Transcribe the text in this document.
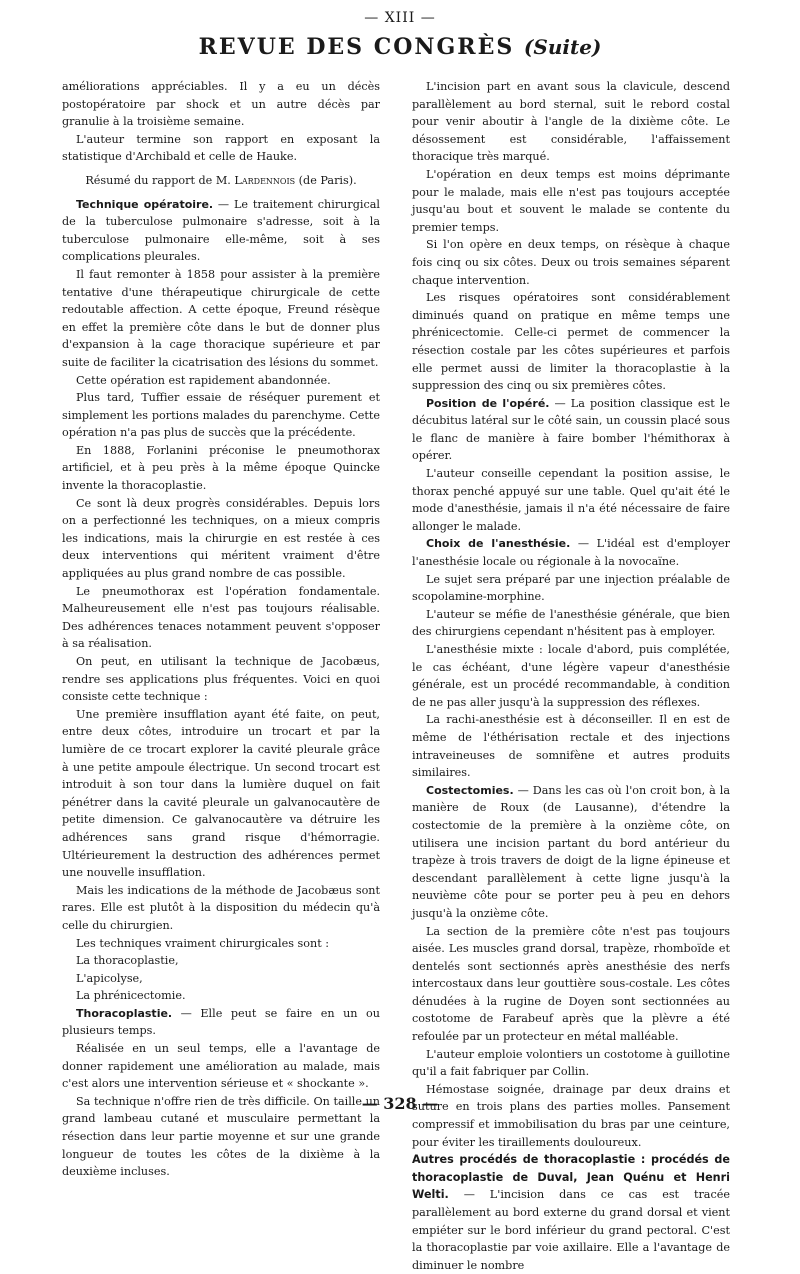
— XIII —
REVUE DES CONGRÈS (Suite)

améliorations appréciables. Il y a eu un décès postopératoire par shock et un autre décès par granulie à la troisième semaine.

L'auteur termine son rapport en exposant la statistique d'Archibald et celle de Hauke.

Résumé du rapport de M. Lardennois (de Paris).

Technique opératoire. — Le traitement chirurgical de la tuberculose pulmonaire s'adresse, soit à la tuberculose pulmonaire elle-même, soit à ses complications pleurales.

Il faut remonter à 1858 pour assister à la première tentative d'une thérapeutique chirurgicale de cette redoutable affection. A cette époque, Freund résèque en effet la première côte dans le but de donner plus d'expansion à la cage thoracique supérieure et par suite de faciliter la cicatrisation des lésions du sommet.

Cette opération est rapidement abandonnée.

Plus tard, Tuffier essaie de réséquer purement et simplement les portions malades du parenchyme. Cette opération n'a pas plus de succès que la précédente.

En 1888, Forlanini préconise le pneumothorax artificiel, et à peu près à la même époque Quincke invente la thoracoplastie.

Ce sont là deux progrès considérables. Depuis lors on a perfectionné les techniques, on a mieux compris les indications, mais la chirurgie en est restée à ces deux interventions qui méritent vraiment d'être appliquées au plus grand nombre de cas possible.

Le pneumothorax est l'opération fondamentale. Malheureusement elle n'est pas toujours réalisable. Des adhérences tenaces notamment peuvent s'opposer à sa réalisation.

On peut, en utilisant la technique de Jacobæus, rendre ses applications plus fréquentes. Voici en quoi consiste cette technique :

Une première insufflation ayant été faite, on peut, entre deux côtes, introduire un trocart et par la lumière de ce trocart explorer la cavité pleurale grâce à une petite ampoule électrique. Un second trocart est introduit à son tour dans la lumière duquel on fait pénétrer dans la cavité pleurale un galvanocautère de petite dimension. Ce galvanocautère va détruire les adhérences sans grand risque d'hémorragie. Ultérieurement la destruction des adhérences permet une nouvelle insufflation.

Mais les indications de la méthode de Jacobæus sont rares. Elle est plutôt à la disposition du médecin qu'à celle du chirurgien.

Les techniques vraiment chirurgicales sont :

La thoracoplastie,
L'apicolyse,
La phrénicectomie.

Thoracoplastie. — Elle peut se faire en un ou plusieurs temps.

Réalisée en un seul temps, elle a l'avantage de donner rapidement une amélioration au malade, mais c'est alors une intervention sérieuse et « shockante ».

Sa technique n'offre rien de très difficile. On taille un grand lambeau cutané et musculaire permettant la résection dans leur partie moyenne et sur une grande longueur de toutes les côtes de la dixième à la deuxième incluses.

L'incision part en avant sous la clavicule, descend parallèlement au bord sternal, suit le rebord costal pour venir aboutir à l'angle de la dixième côte. Le désossement est considérable, l'affaissement thoracique très marqué.

L'opération en deux temps est moins déprimante pour le malade, mais elle n'est pas toujours acceptée jusqu'au bout et souvent le malade se contente du premier temps.

Si l'on opère en deux temps, on résèque à chaque fois cinq ou six côtes. Deux ou trois semaines séparent chaque intervention.

Les risques opératoires sont considérablement diminués quand on pratique en même temps une phrénicectomie. Celle-ci permet de commencer la résection costale par les côtes supérieures et parfois elle permet aussi de limiter la thoracoplastie à la suppression des cinq ou six premières côtes.

Position de l'opéré. — La position classique est le décubitus latéral sur le côté sain, un coussin placé sous le flanc de manière à faire bomber l'hémithorax à opérer.

L'auteur conseille cependant la position assise, le thorax penché appuyé sur une table. Quel qu'ait été le mode d'anesthésie, jamais il n'a été nécessaire de faire allonger le malade.

Choix de l'anesthésie. — L'idéal est d'employer l'anesthésie locale ou régionale à la novocaïne.

Le sujet sera préparé par une injection préalable de scopolamine-morphine.

L'auteur se méfie de l'anesthésie générale, que bien des chirurgiens cependant n'hésitent pas à employer.

L'anesthésie mixte : locale d'abord, puis complétée, le cas échéant, d'une légère vapeur d'anesthésie générale, est un procédé recommandable, à condition de ne pas aller jusqu'à la suppression des réflexes.

La rachi-anesthésie est à déconseiller. Il en est de même de l'éthérisation rectale et des injections intraveineuses de somnifène et autres produits similaires.

Costectomies. — Dans les cas où l'on croit bon, à la manière de Roux (de Lausanne), d'étendre la costectomie de la première à la onzième côte, on utilisera une incision partant du bord antérieur du trapèze à trois travers de doigt de la ligne épineuse et descendant parallèlement à cette ligne jusqu'à la neuvième côte pour se porter peu à peu en dehors jusqu'à la onzième côte.

La section de la première côte n'est pas toujours aisée. Les muscles grand dorsal, trapèze, rhomboïde et dentelés sont sectionnés après anesthésie des nerfs intercostaux dans leur gouttière sous-costale. Les côtes dénudées à la rugine de Doyen sont sectionnées au costotome de Farabeuf après que la plèvre a été refoulée par un protecteur en métal malléable.

L'auteur emploie volontiers un costotome à guillotine qu'il a fait fabriquer par Collin.

Hémostase soignée, drainage par deux drains et suture en trois plans des parties molles. Pansement compressif et immobilisation du bras par une ceinture, pour éviter les tiraillements douloureux.

Autres procédés de thoracoplastie : procédés de thoracoplastie de Duval, Jean Quénu et Henri Welti. — L'incision dans ce cas est tracée parallèlement au bord externe du grand dorsal et vient empiéter sur le bord inférieur du grand pectoral. C'est la thoracoplastie par voie axillaire. Elle a l'avantage de diminuer le nombre

— 328 —
